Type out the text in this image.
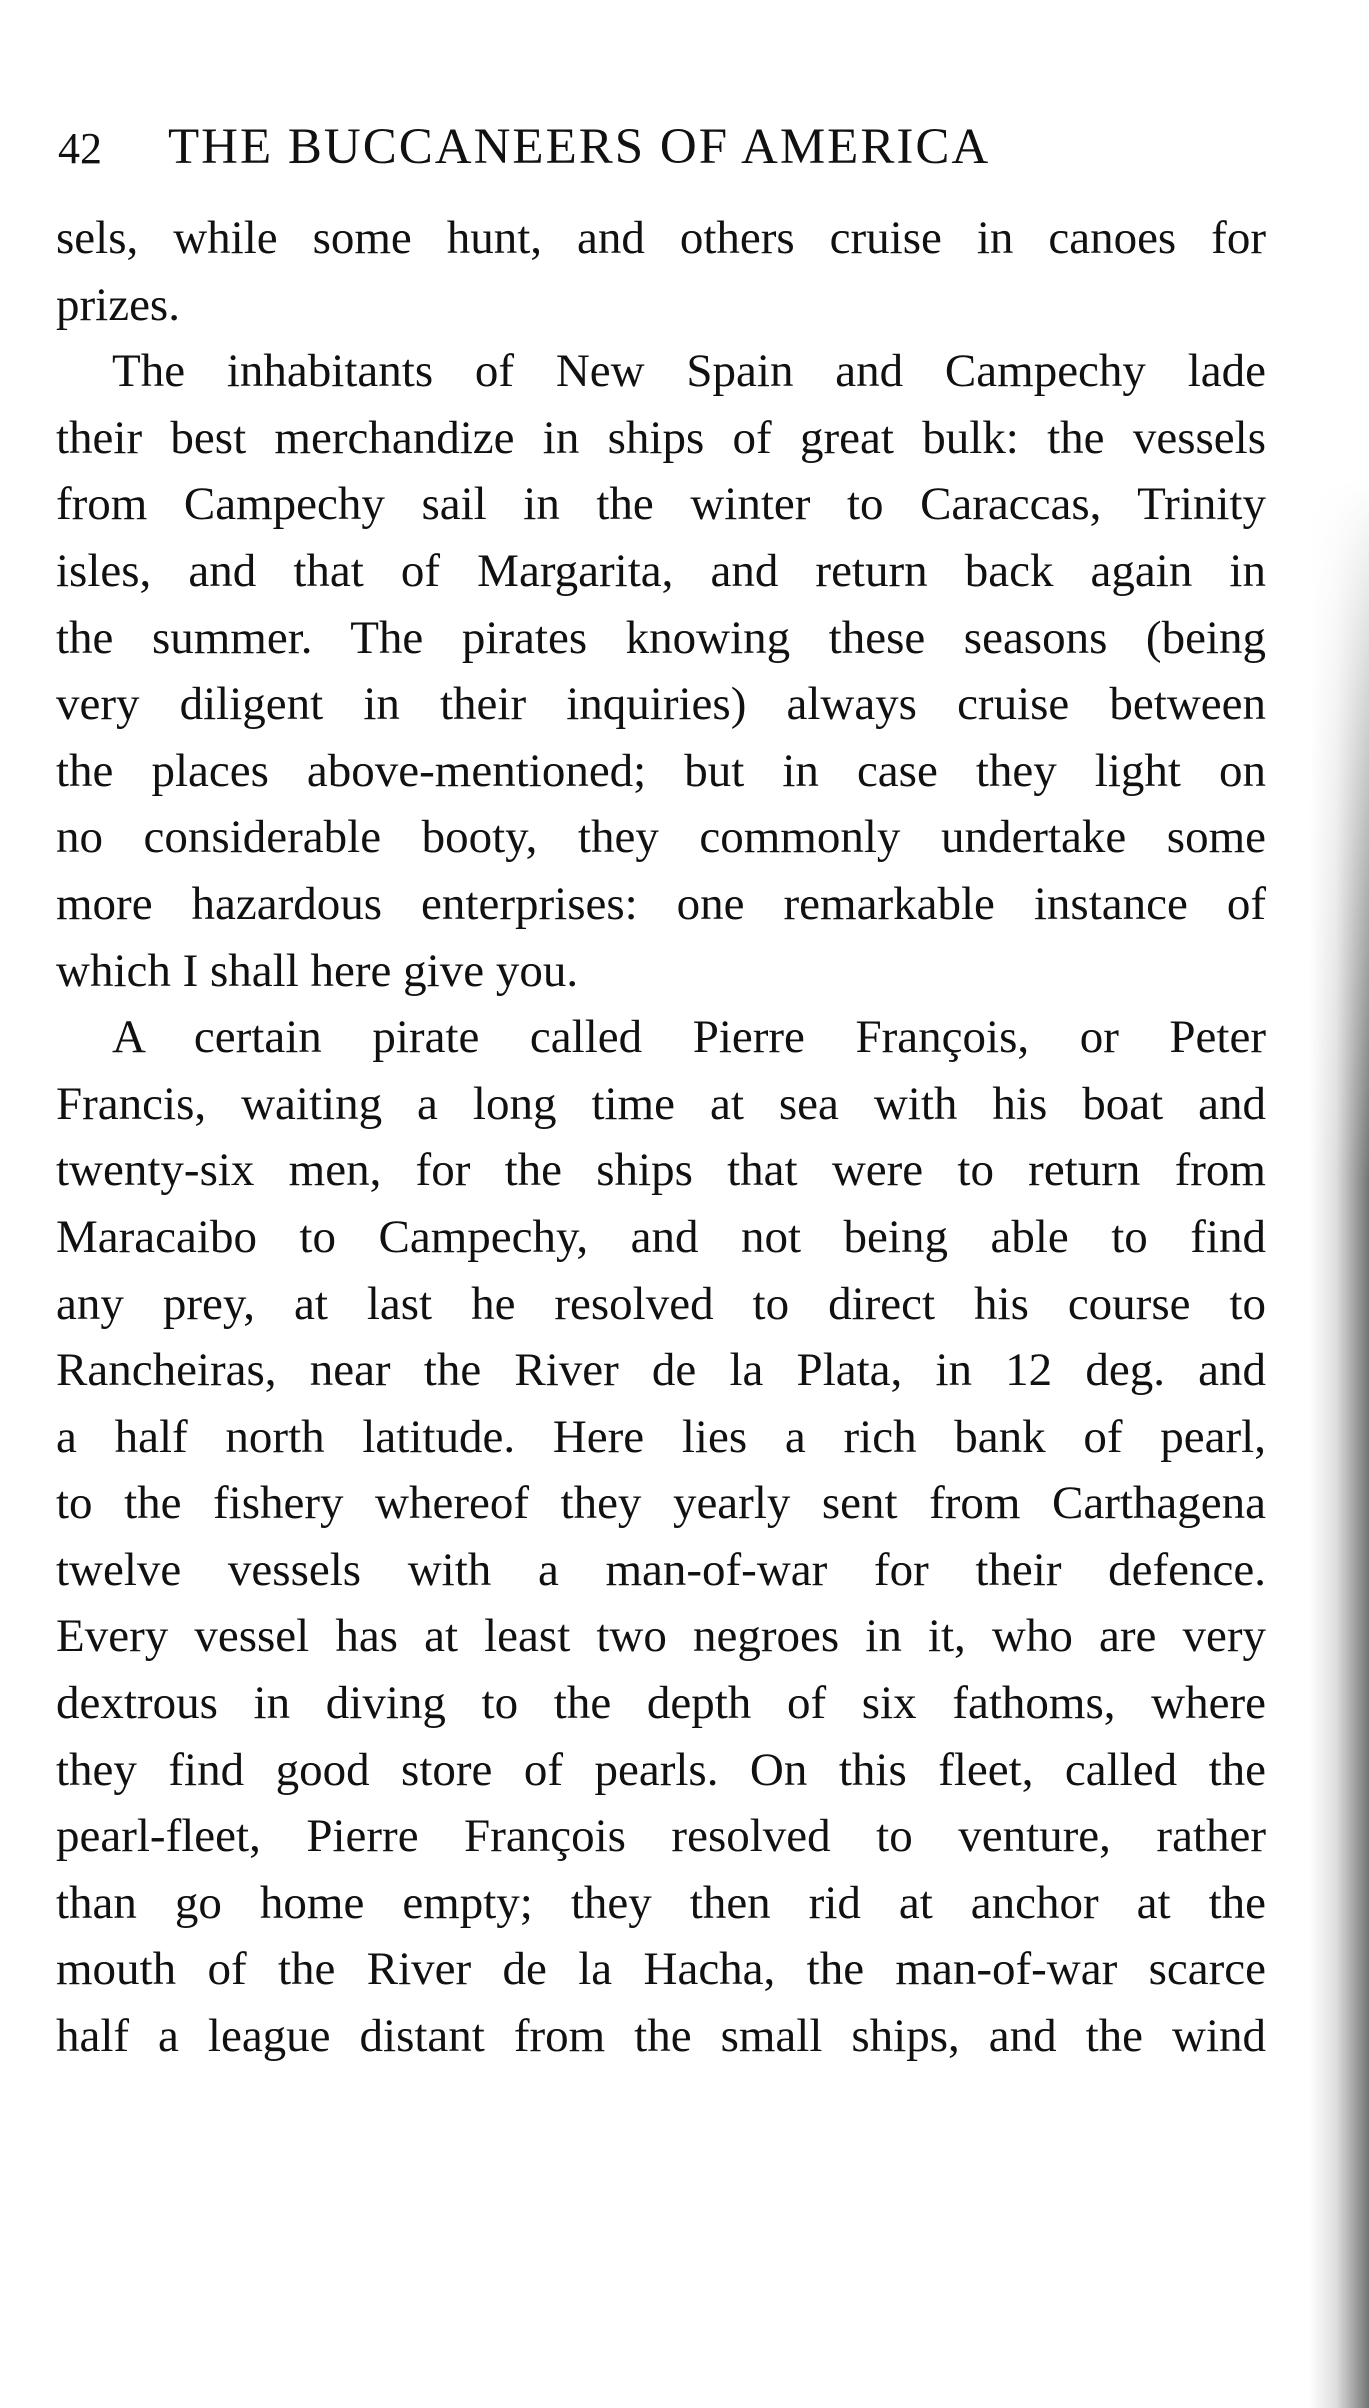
42 THE BUCCANEERS OF AMERICA
sels, while some hunt, and others cruise in canoes for
prizes.
The inhabitants of New Spain and Campechy lade
their best merchandize in ships of great bulk: the vessels
from Campechy sail in the winter to Caraccas, Trinity
isles, and that of Margarita, and return back again in
the summer. The pirates knowing these seasons (being
very diligent in their inquiries) always cruise between
the places above-mentioned; but in case they light on
no considerable booty, they commonly undertake some
more hazardous enterprises: one remarkable instance of
which I shall here give you.
A certain pirate called Pierre François, or Peter
Francis, waiting a long time at sea with his boat and
twenty-six men, for the ships that were to return from
Maracaibo to Campechy, and not being able to find
any prey, at last he resolved to direct his course to
Rancheiras, near the River de la Plata, in 12 deg. and
a half north latitude. Here lies a rich bank of pearl,
to the fishery whereof they yearly sent from Carthagena
twelve vessels with a man-of-war for their defence.
Every vessel has at least two negroes in it, who are very
dextrous in diving to the depth of six fathoms, where
they find good store of pearls. On this fleet, called the
pearl-fleet, Pierre François resolved to venture, rather
than go home empty; they then rid at anchor at the
mouth of the River de la Hacha, the man-of-war scarce
half a league distant from the small ships, and the wind
